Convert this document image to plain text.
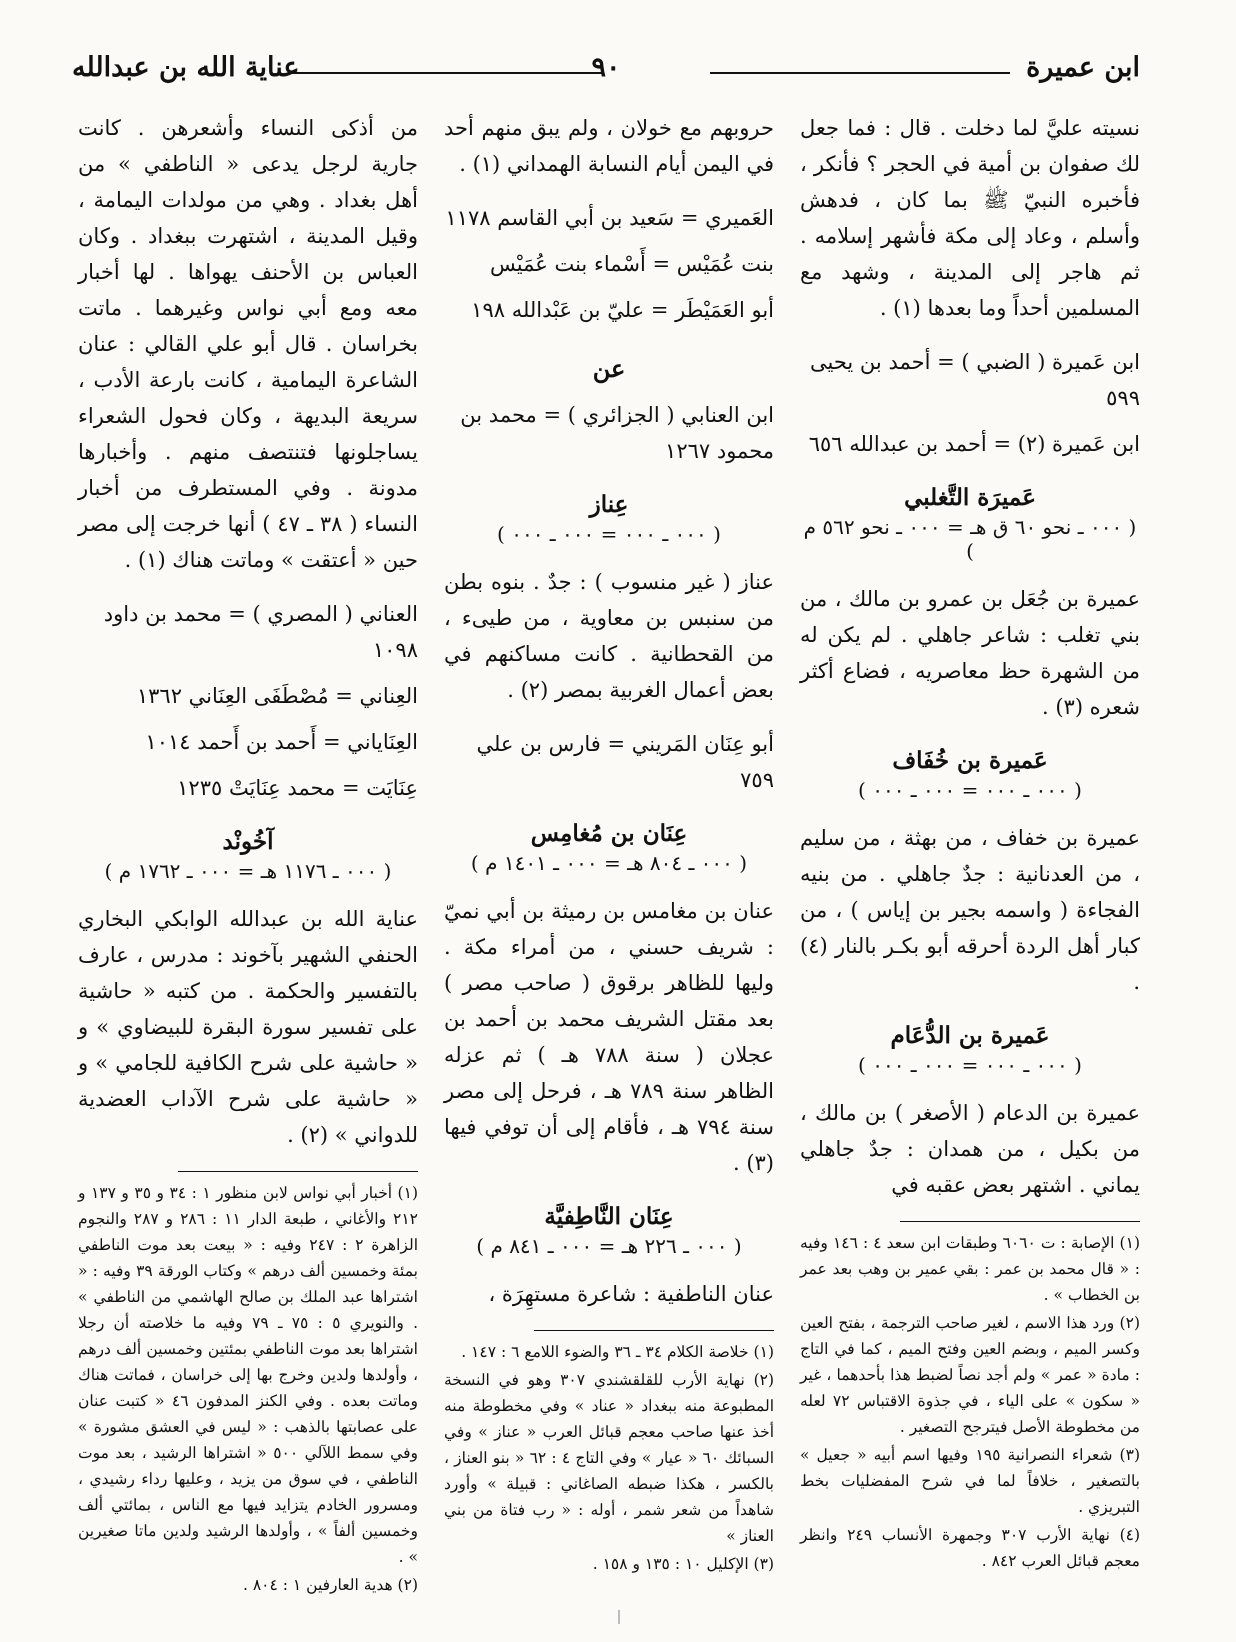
ابن عميرة
٩٠
عناية الله بن عبدالله

نسيته عليَّ لما دخلت . قال : فما جعل لك صفوان بن أمية في الحجر ؟ فأنكر ، فأخبره النبيّ ﷺ بما كان ، فدهش وأسلم ، وعاد إلى مكة فأشهر إسلامه . ثم هاجر إلى المدينة ، وشهد مع المسلمين أحداً وما بعدها (١) .

ابن عَميرة ( الضبي ) = أحمد بن يحيى ٥٩٩

ابن عَميرة (٢) = أحمد بن عبدالله ٦٥٦

عَميرَة التَّغلبي
( ٠٠٠ ـ نحو ٦٠ ق هـ = ٠٠٠ ـ نحو ٥٦٢ م )

عميرة بن جُعَل بن عمرو بن مالك ، من بني تغلب : شاعر جاهلي . لم يكن له من الشهرة حظ معاصريه ، فضاع أكثر شعره (٣) .

عَميرة بن خُفَاف
( ٠٠٠ ـ ٠٠٠ = ٠٠٠ ـ ٠٠٠ )

عميرة بن خفاف ، من بهثة ، من سليم ، من العدنانية : جدٌ جاهلي . من بنيه الفجاءة ( واسمه بجير بن إياس ) ، من كبار أهل الردة أحرقه أبو بكـر بالنار (٤) .

عَميرة بن الدُّعَام
( ٠٠٠ ـ ٠٠٠ = ٠٠٠ ـ ٠٠٠ )

عميرة بن الدعام ( الأصغر ) بن مالك ، من بكيل ، من همدان : جدٌ جاهلي يماني . اشتهر بعض عقبه في

(١) الإصابة : ت ٦٠٦٠ وطبقات ابن سعد ٤ : ١٤٦ وفيه : « قال محمد بن عمر : بقي عمير بن وهب بعد عمر بن الخطاب » .

(٢) ورد هذا الاسم ، لغير صاحب الترجمة ، بفتح العين وكسر الميم ، وبضم العين وفتح الميم ، كما في التاج : مادة « عمر » ولم أجد نصاً لضبط هذا بأحدهما ، غير « سكون » على الياء ، في جذوة الاقتباس ٧٢ لعله من مخطوطة الأصل فيترجح التصغير .

(٣) شعراء النصرانية ١٩٥ وفيها اسم أبيه « جعيل » بالتصغير ، خلافاً لما في شرح المفضليات بخط التبريزي .

(٤) نهاية الأرب ٣٠٧ وجمهرة الأنساب ٢٤٩ وانظر معجم قبائل العرب ٨٤٢ .

حروبهم مع خولان ، ولم يبق منهم أحد في اليمن أيام النسابة الهمداني (١) .

العَميري = سَعيد بن أبي القاسم ١١٧٨

بنت عُمَيْس = أَسْماء بنت عُمَيْس

أبو العَمَيْطَر = عليّ بن عَبْدالله ١٩٨

عن

ابن العنابي ( الجزائري ) = محمد بن محمود ١٢٦٧

عِناز
( ٠٠٠ ـ ٠٠٠ = ٠٠٠ ـ ٠٠٠ )

عناز ( غير منسوب ) : جدٌ . بنوه بطن من سنبس بن معاوية ، من طيىء ، من القحطانية . كانت مساكنهم في بعض أعمال الغربية بمصر (٢) .

أبو عِنَان المَريني = فارس بن علي ٧٥٩

عِنَان بن مُغامِس
( ٠٠٠ ـ ٨٠٤ هـ = ٠٠٠ ـ ١٤٠١ م )

عنان بن مغامس بن رميثة بن أبي نميّ : شريف حسني ، من أمراء مكة . وليها للظاهر برقوق ( صاحب مصر ) بعد مقتل الشريف محمد بن أحمد بن عجلان ( سنة ٧٨٨ هـ ) ثم عزله الظاهر سنة ٧٨٩ هـ ، فرحل إلى مصر سنة ٧٩٤ هـ ، فأقام إلى أن توفي فيها (٣) .

عِنَان النَّاطِفيَّة
( ٠٠٠ ـ ٢٢٦ هـ = ٠٠٠ ـ ٨٤١ م )

عنان الناطفية : شاعرة مستهِرَة ،

(١) خلاصة الكلام ٣٤ ـ ٣٦ والضوء اللامع ٦ : ١٤٧ .

(٢) نهاية الأرب للقلقشندي ٣٠٧ وهو في النسخة المطبوعة منه ببغداد « عناد » وفي مخطوطة منه أخذ عنها صاحب معجم قبائل العرب « عناز » وفي السبائك ٦٠ « عيار » وفي التاج ٤ : ٦٢ « بنو العناز ، بالكسر ، هكذا ضبطه الصاغاني : قبيلة » وأورد شاهداً من شعر شمر ، أوله : « رب فتاة من بني العناز »

(٣) الإكليل ١٠ : ١٣٥ و ١٥٨ .

من أذكى النساء وأشعرهن . كانت جارية لرجل يدعى « الناطفي » من أهل بغداد . وهي من مولدات اليمامة ، وقيل المدينة ، اشتهرت ببغداد . وكان العباس بن الأحنف يهواها . لها أخبار معه ومع أبي نواس وغيرهما . ماتت بخراسان . قال أبو علي القالي : عنان الشاعرة اليمامية ، كانت بارعة الأدب ، سريعة البديهة ، وكان فحول الشعراء يساجلونها فتنتصف منهم . وأخبارها مدونة . وفي المستطرف من أخبار النساء ( ٣٨ ـ ٤٧ ) أنها خرجت إلى مصر حين « أعتقت » وماتت هناك (١) .

العناني ( المصري ) = محمد بن داود ١٠٩٨

العِناني = مُصْطَفَى العِنَاني ١٣٦٢

العِنَاياني = أَحمد بن أَحمد ١٠١٤

عِنَايَت = محمد عِنَايَتْ ١٢٣٥

آخُونْد
( ٠٠٠ ـ ١١٧٦ هـ = ٠٠٠ ـ ١٧٦٢ م )

عناية الله بن عبدالله الوابكي البخاري الحنفي الشهير بآخوند : مدرس ، عارف بالتفسير والحكمة . من كتبه « حاشية على تفسير سورة البقرة للبيضاوي » و « حاشية على شرح الكافية للجامي » و « حاشية على شرح الآداب العضدية للدواني » (٢) .

(١) أخبار أبي نواس لابن منظور ١ : ٣٤ و ٣٥ و ١٣٧ و ٢١٢ والأغاني ، طبعة الدار ١١ : ٢٨٦ و ٢٨٧ والنجوم الزاهرة ٢ : ٢٤٧ وفيه : « بيعت بعد موت الناطفي بمئة وخمسين ألف درهم » وكتاب الورقة ٣٩ وفيه : « اشتراها عبد الملك بن صالح الهاشمي من الناطفي » . والنويري ٥ : ٧٥ ـ ٧٩ وفيه ما خلاصته أن رجلا اشتراها بعد موت الناطفي بمئتين وخمسين ألف درهم ، وأولدها ولدين وخرج بها إلى خراسان ، فماتت هناك وماتت بعده . وفي الكنز المدفون ٤٦ « كتبت عنان على عصابتها بالذهب : « ليس في العشق مشورة » وفي سمط اللآلي ٥٠٠ « اشتراها الرشيد ، بعد موت الناطفي ، في سوق من يزيد ، وعليها رداء رشيدي ، ومسرور الخادم يتزايد فيها مع الناس ، بمائتي ألف وخمسين ألفاً » ، وأولدها الرشيد ولدين ماتا صغيرين » .

(٢) هدية العارفين ١ : ٨٠٤ .
